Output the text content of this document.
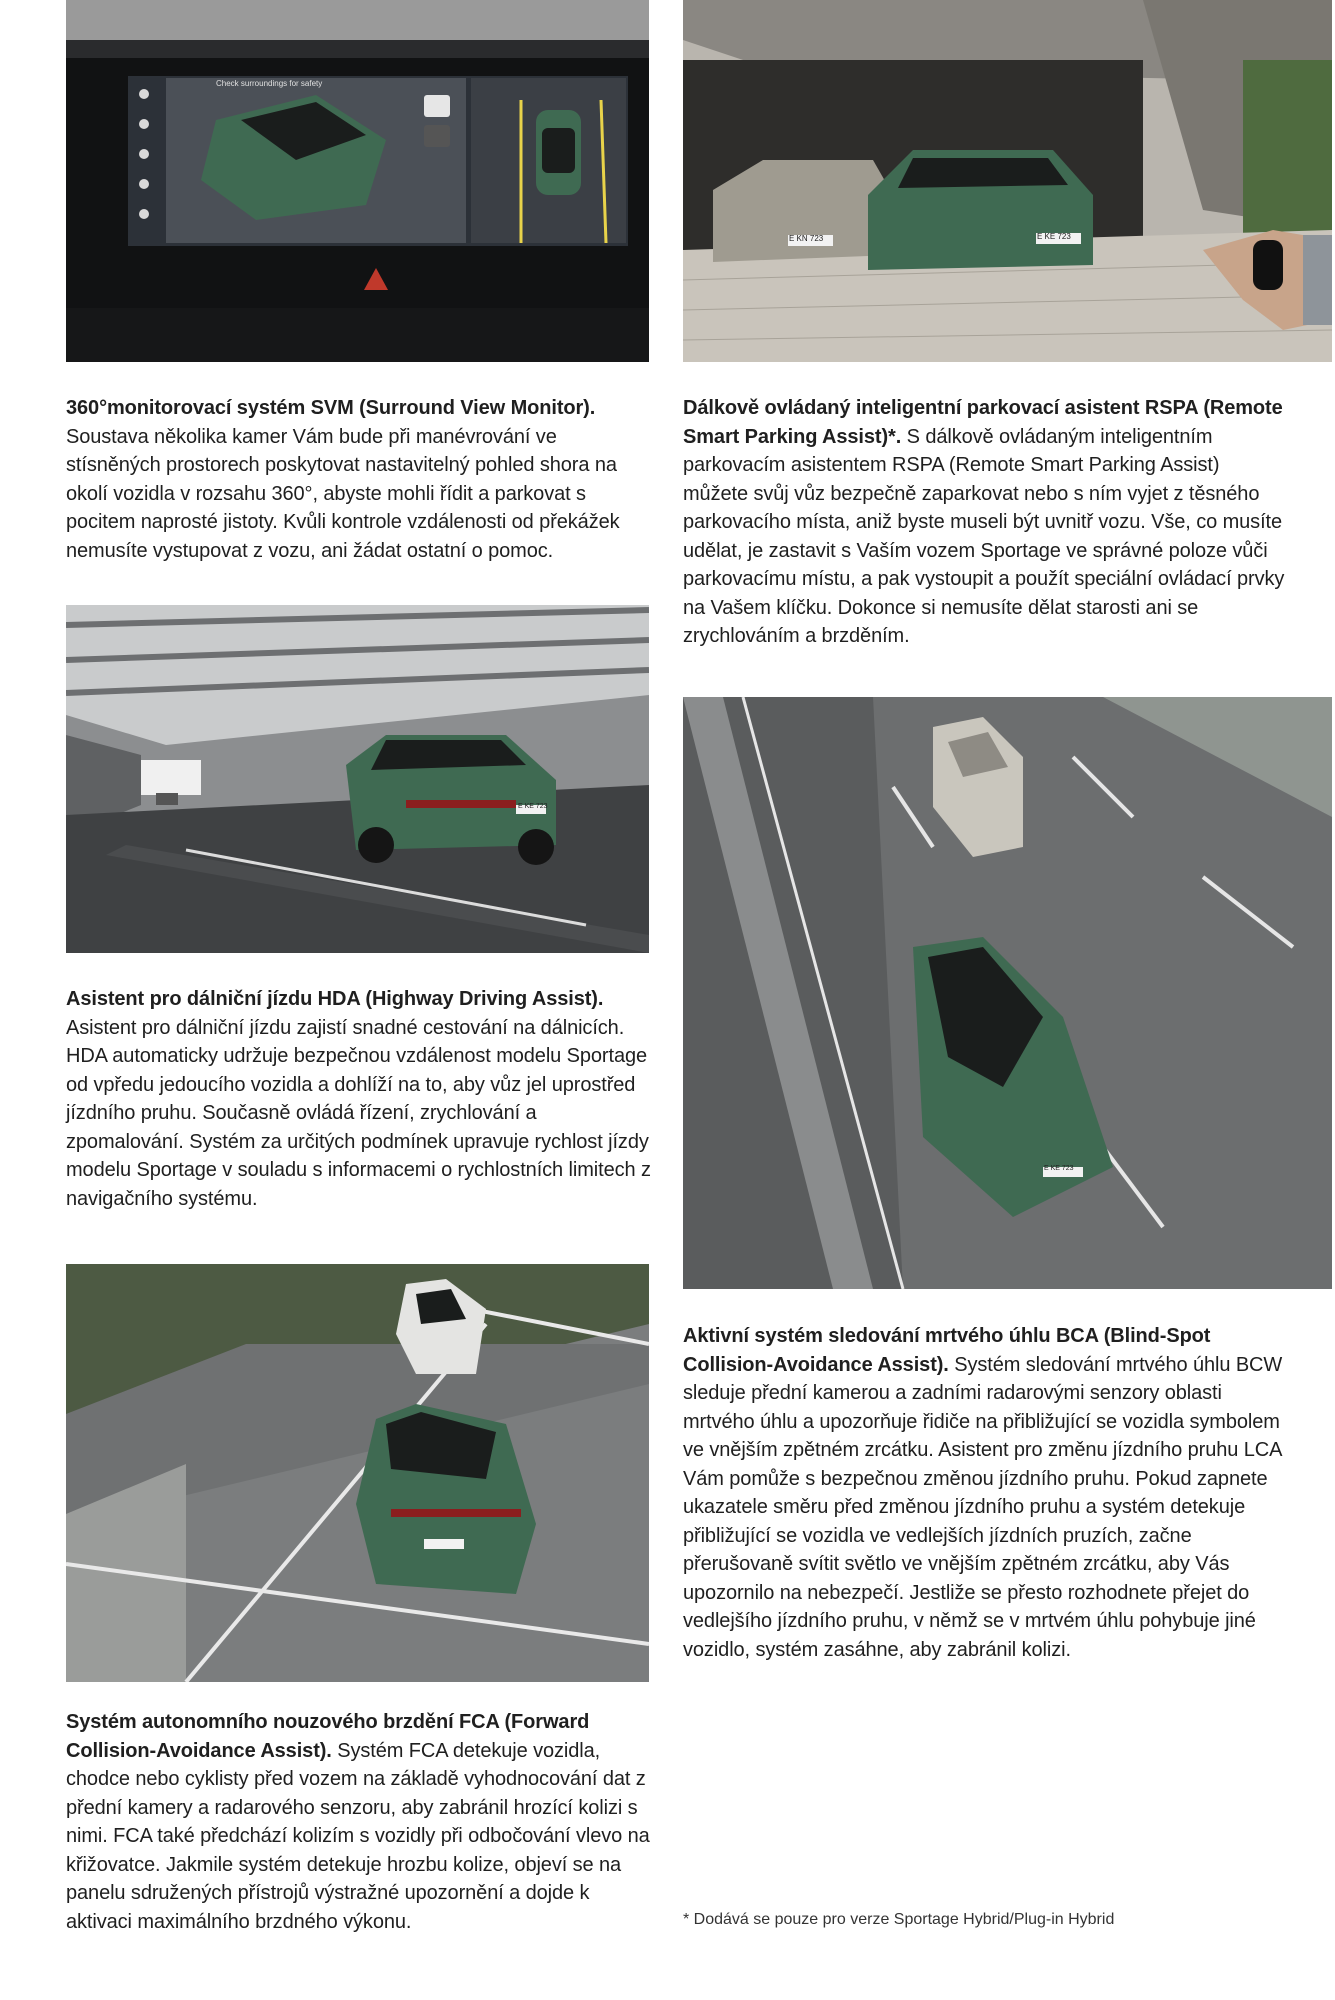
Check surroundings for safety
E KN 723	E KE 723

360°monitorovací systém SVM (Surround View Monitor). Soustava několika kamer Vám bude při manévrování ve stísněných prostorech poskytovat nastavitelný pohled shora na okolí vozidla v rozsahu 360°, abyste mohli řídit a parkovat s pocitem naprosté jistoty. Kvůli kontrole vzdálenosti od překážek nemusíte vystupovat z vozu, ani žádat ostatní o pomoc.

Dálkově ovládaný inteligentní parkovací asistent RSPA (Remote Smart Parking Assist)*. S dálkově ovládaným inteligentním parkovacím asistentem RSPA (Remote Smart Parking Assist) můžete svůj vůz bezpečně zaparkovat nebo s ním vyjet z těsného parkovacího místa, aniž byste museli být uvnitř vozu. Vše, co musíte udělat, je zastavit s Vaším vozem Sportage ve správné poloze vůči parkovacímu místu, a pak vystoupit a použít speciální ovládací prvky na Vašem klíčku. Dokonce si nemusíte dělat starosti ani se zrychlováním a brzděním.

E KE 723
E KE 723

Asistent pro dálniční jízdu HDA (Highway Driving Assist). Asistent pro dálniční jízdu zajistí snadné cestování na dálnicích. HDA automaticky udržuje bezpečnou vzdálenost modelu Sportage od vpředu jedoucího vozidla a dohlíží na to, aby vůz jel uprostřed jízdního pruhu. Současně ovládá řízení, zrychlování a zpomalování. Systém za určitých podmínek upravuje rychlost jízdy modelu Sportage v souladu s informacemi o rychlostních limitech z navigačního systému.

Aktivní systém sledování mrtvého úhlu BCA (Blind-Spot Collision-Avoidance Assist). Systém sledování mrtvého úhlu BCW sleduje přední kamerou a zadními radarovými senzory oblasti mrtvého úhlu a upozorňuje řidiče na přibližující se vozidla symbolem ve vnějším zpětném zrcátku. Asistent pro změnu jízdního pruhu LCA Vám pomůže s bezpečnou změnou jízdního pruhu. Pokud zapnete ukazatele směru před změnou jízdního pruhu a systém detekuje přibližující se vozidla ve vedlejších jízdních pruzích, začne přerušovaně svítit světlo ve vnějším zpětném zrcátku, aby Vás upozornilo na nebezpečí. Jestliže se přesto rozhodnete přejet do vedlejšího jízdního pruhu, v němž se v mrtvém úhlu pohybuje jiné vozidlo, systém zasáhne, aby zabránil kolizi.

Systém autonomního nouzového brzdění FCA (Forward Collision-Avoidance Assist). Systém FCA detekuje vozidla, chodce nebo cyklisty před vozem na základě vyhodnocování dat z přední kamery a radarového senzoru, aby zabránil hrozící kolizi s nimi. FCA také předchází kolizím s vozidly při odbočování vlevo na křižovatce. Jakmile systém detekuje hrozbu kolize, objeví se na panelu sdružených přístrojů výstražné upozornění a dojde k aktivaci maximálního brzdného výkonu.	* Dodává se pouze pro verze Sportage Hybrid/Plug-in Hybrid
